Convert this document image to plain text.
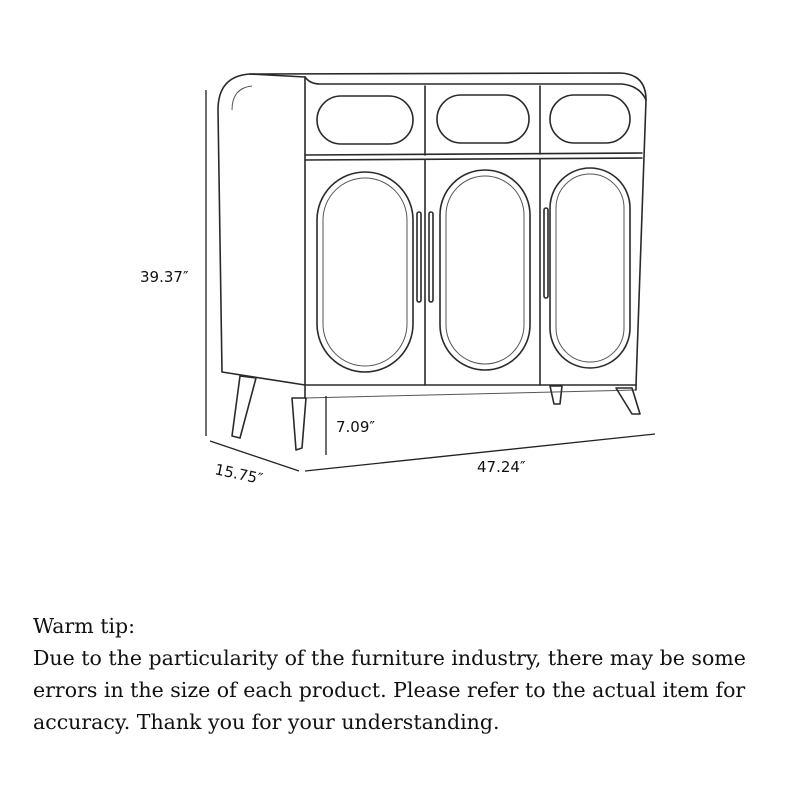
39.37″
7.09″
47.24″
15.75″

Warm tip:

Due to the particularity of the furniture industry, there may be some errors in the size of each product. Please refer to the actual item for accuracy. Thank you for your understanding.
